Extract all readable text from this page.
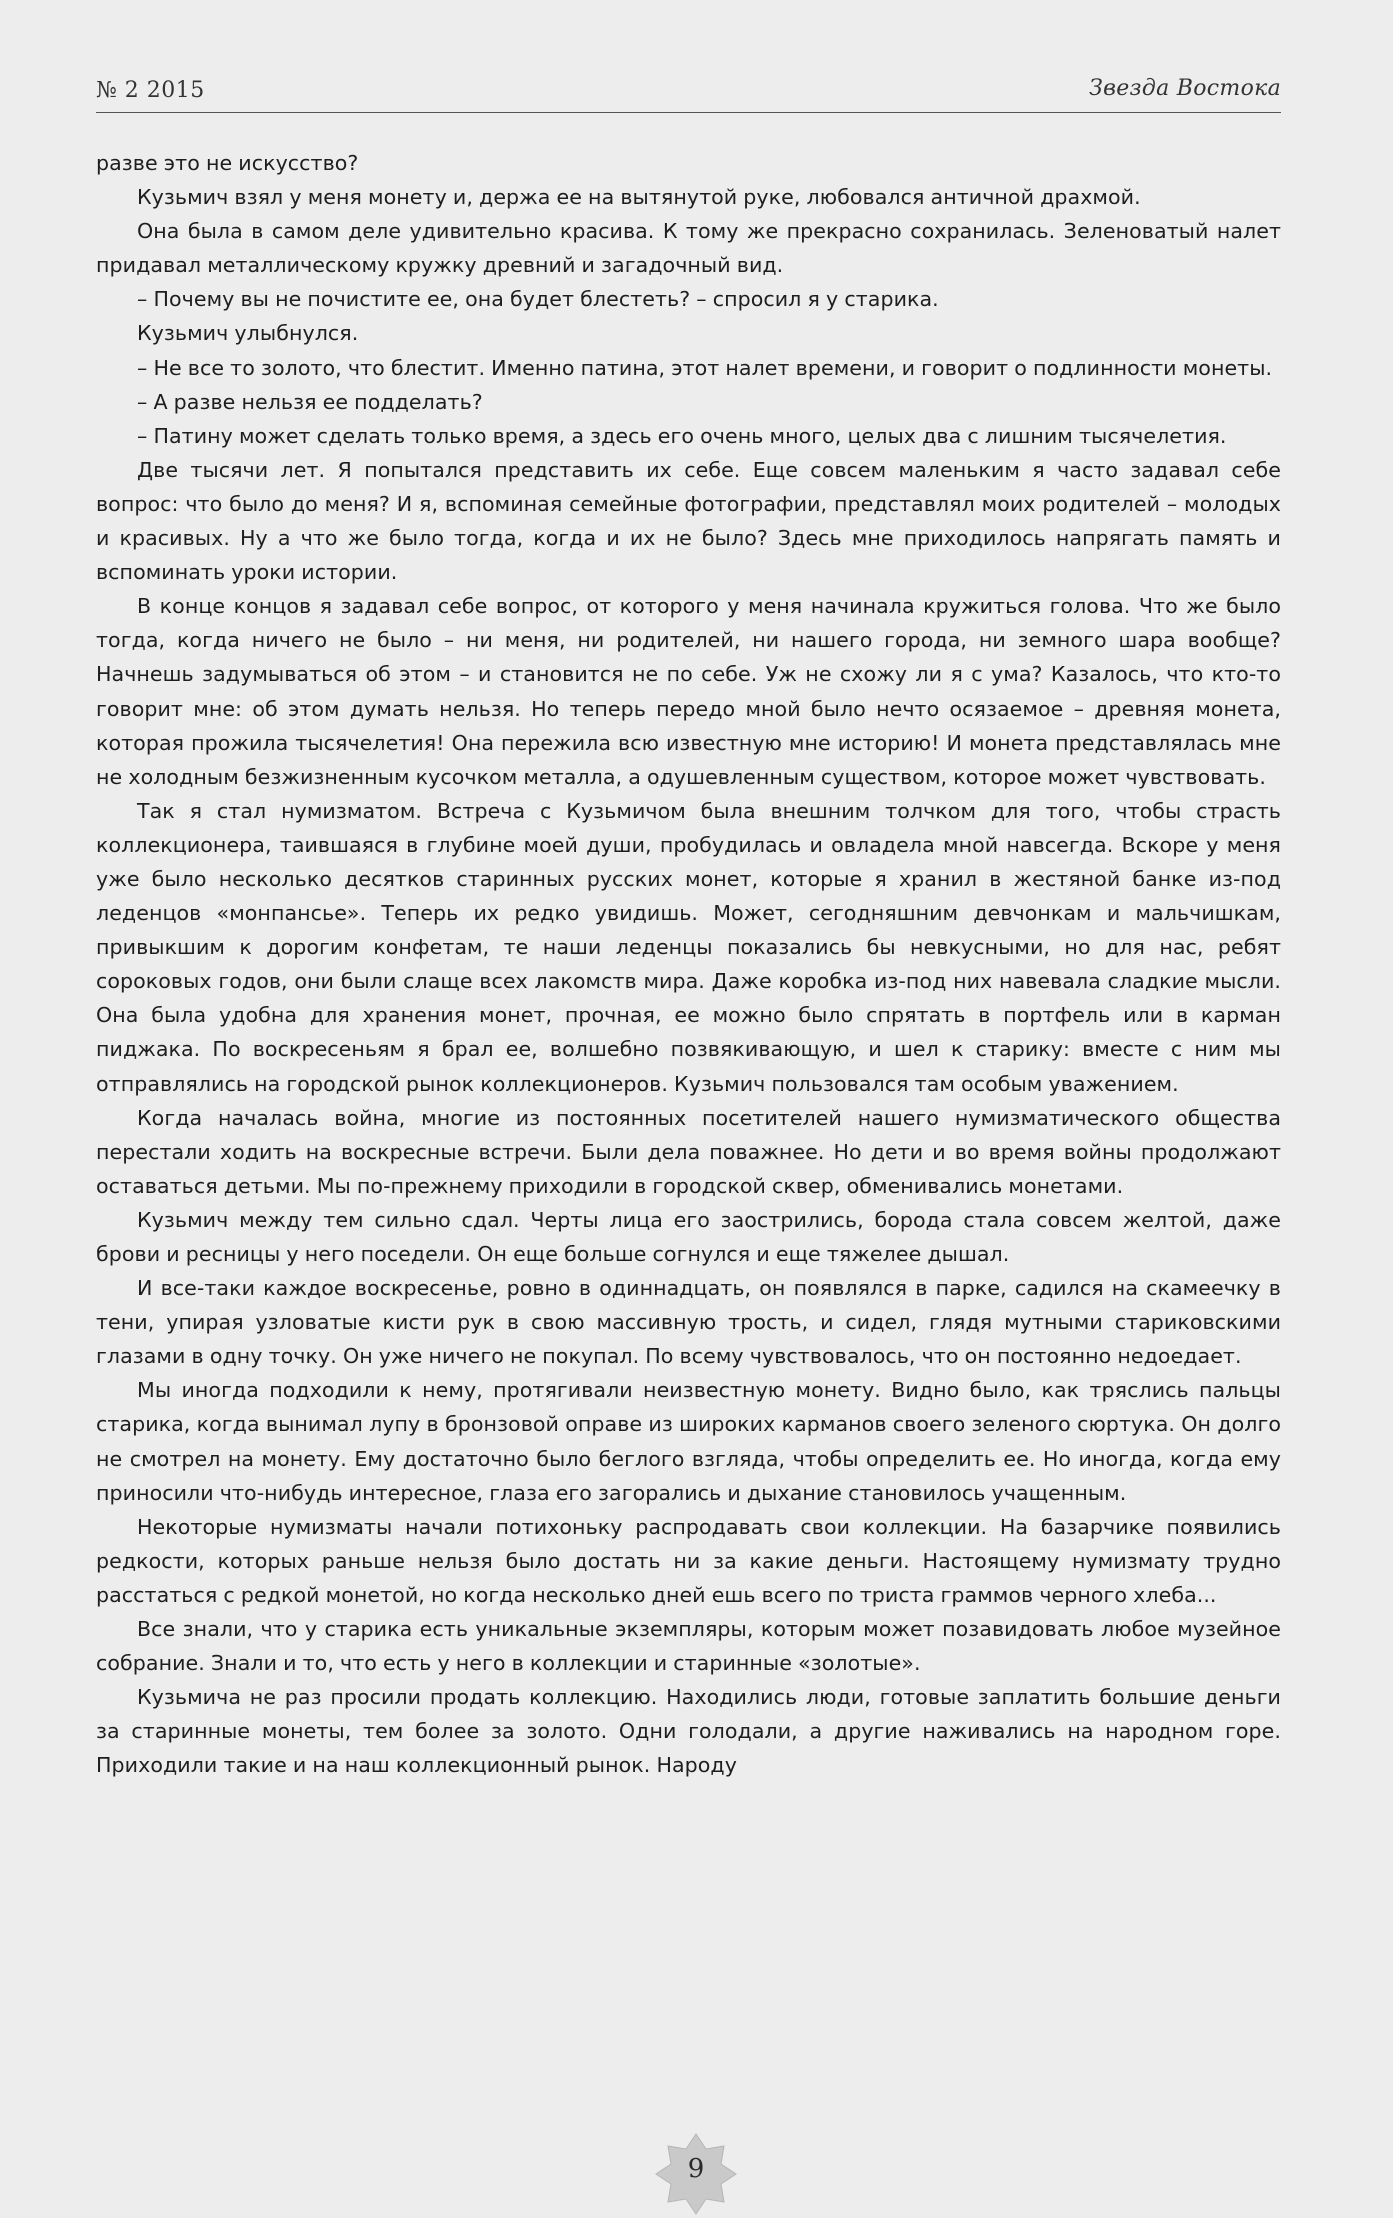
№ 2 2015	Звезда Востока

разве это не искусство?

Кузьмич взял у меня монету и, держа ее на вытянутой руке, любовался античной драхмой.

Она была в самом деле удивительно красива. К тому же прекрасно сохранилась. Зеленоватый налет придавал металлическому кружку древний и загадочный вид.

– Почему вы не почистите ее, она будет блестеть? – спросил я у старика.

Кузьмич улыбнулся.

– Не все то золото, что блестит. Именно патина, этот налет времени, и говорит о подлинности монеты.

– А разве нельзя ее подделать?

– Патину может сделать только время, а здесь его очень много, целых два с лишним тысячелетия.

Две тысячи лет. Я попытался представить их себе. Еще совсем маленьким я часто задавал себе вопрос: что было до меня? И я, вспоминая семейные фотографии, представлял моих родителей – молодых и красивых. Ну а что же было тогда, когда и их не было? Здесь мне приходилось напрягать память и вспоминать уроки истории.

В конце концов я задавал себе вопрос, от которого у меня начинала кружиться голова. Что же было тогда, когда ничего не было – ни меня, ни родителей, ни нашего города, ни земного шара вообще? Начнешь задумываться об этом – и становится не по себе. Уж не схожу ли я с ума? Казалось, что кто-то говорит мне: об этом думать нельзя. Но теперь передо мной было нечто осязаемое – древняя монета, которая прожила тысячелетия! Она пережила всю известную мне историю! И монета представлялась мне не холодным безжизненным кусочком металла, а одушевленным существом, которое может чувствовать.

Так я стал нумизматом. Встреча с Кузьмичом была внешним толчком для того, чтобы страсть коллекционера, таившаяся в глубине моей души, пробудилась и овладела мной навсегда. Вскоре у меня уже было несколько десятков старинных русских монет, которые я хранил в жестяной банке из-под леденцов «монпансье». Теперь их редко увидишь. Может, сегодняшним девчонкам и мальчишкам, привыкшим к дорогим конфетам, те наши леденцы показались бы невкусными, но для нас, ребят сороковых годов, они были слаще всех лакомств мира. Даже коробка из-под них навевала сладкие мысли. Она была удобна для хранения монет, прочная, ее можно было спрятать в портфель или в карман пиджака. По воскресеньям я брал ее, волшебно позвякивающую, и шел к старику: вместе с ним мы отправлялись на городской рынок коллекционеров. Кузьмич пользовался там особым уважением.

Когда началась война, многие из постоянных посетителей нашего нумизматического общества перестали ходить на воскресные встречи. Были дела поважнее. Но дети и во время войны продолжают оставаться детьми. Мы по-прежнему приходили в городской сквер, обменивались монетами.

Кузьмич между тем сильно сдал. Черты лица его заострились, борода стала совсем желтой, даже брови и ресницы у него поседели. Он еще больше согнулся и еще тяжелее дышал.

И все-таки каждое воскресенье, ровно в одиннадцать, он появлялся в парке, садился на скамеечку в тени, упирая узловатые кисти рук в свою массивную трость, и сидел, глядя мутными стариковскими глазами в одну точку. Он уже ничего не покупал. По всему чувствовалось, что он постоянно недоедает.

Мы иногда подходили к нему, протягивали неизвестную монету. Видно было, как тряслись пальцы старика, когда вынимал лупу в бронзовой оправе из широких карманов своего зеленого сюртука. Он долго не смотрел на монету. Ему достаточно было беглого взгляда, чтобы определить ее. Но иногда, когда ему приносили что-нибудь интересное, глаза его загорались и дыхание становилось учащенным.

Некоторые нумизматы начали потихоньку распродавать свои коллекции. На базарчике появились редкости, которых раньше нельзя было достать ни за какие деньги. Настоящему нумизмату трудно расстаться с редкой монетой, но когда несколько дней ешь всего по триста граммов черного хлеба...

Все знали, что у старика есть уникальные экземпляры, которым может позавидовать любое музейное собрание. Знали и то, что есть у него в коллекции и старинные «золотые».

Кузьмича не раз просили продать коллекцию. Находились люди, готовые заплатить большие деньги за старинные монеты, тем более за золото. Одни голодали, а другие наживались на народном горе. Приходили такие и на наш коллекционный рынок. Народу

9
